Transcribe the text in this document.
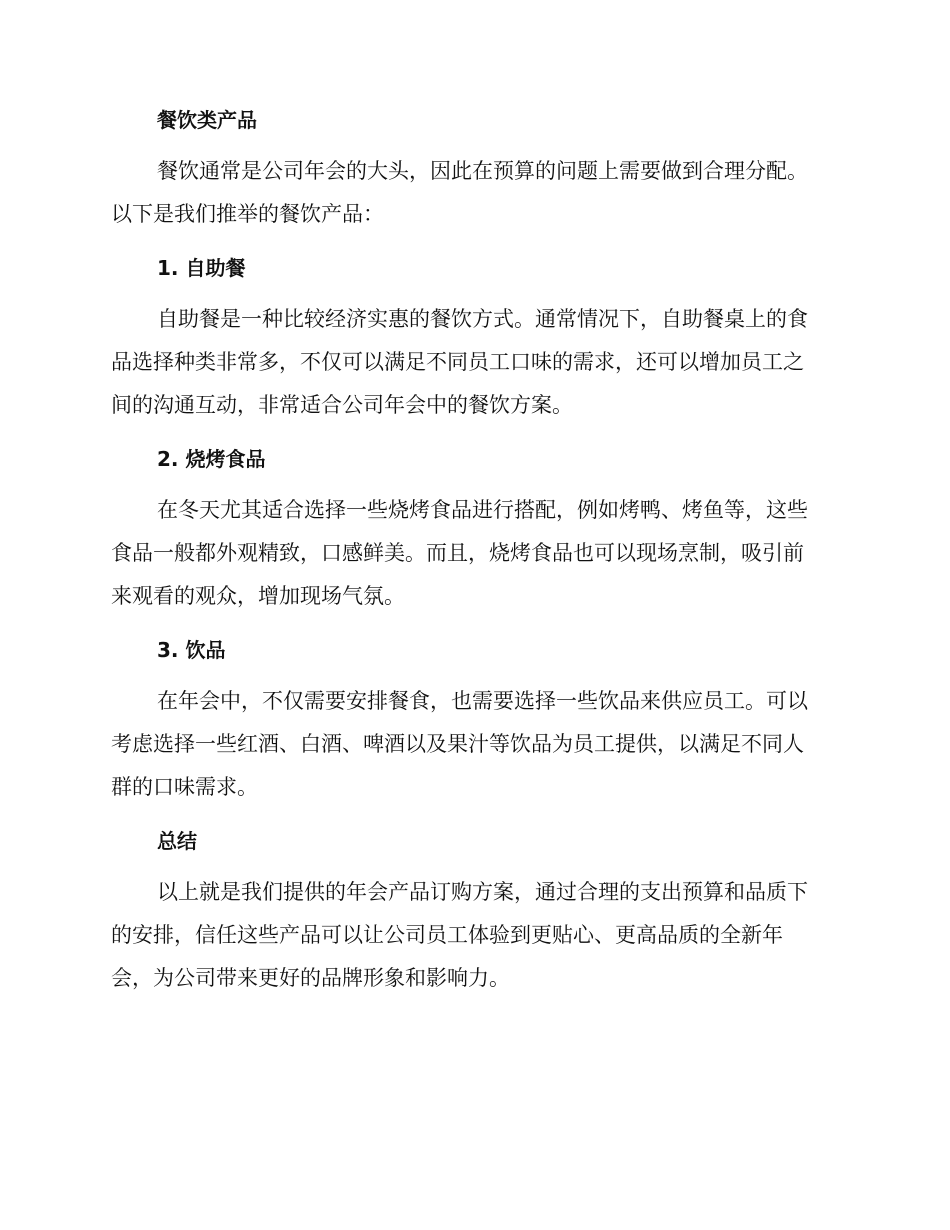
餐饮类产品

餐饮通常是公司年会的大头，因此在预算的问题上需要做到合理分配。
以下是我们推举的餐饮产品：

1. 自助餐

自助餐是一种比较经济实惠的餐饮方式。通常情况下，自助餐桌上的食
品选择种类非常多，不仅可以满足不同员工口味的需求，还可以增加员工之
间的沟通互动，非常适合公司年会中的餐饮方案。

2. 烧烤食品

在冬天尤其适合选择一些烧烤食品进行搭配，例如烤鸭、烤鱼等，这些
食品一般都外观精致，口感鲜美。而且，烧烤食品也可以现场烹制，吸引前
来观看的观众，增加现场气氛。

3. 饮品

在年会中，不仅需要安排餐食，也需要选择一些饮品来供应员工。可以
考虑选择一些红酒、白酒、啤酒以及果汁等饮品为员工提供，以满足不同人
群的口味需求。

总结

以上就是我们提供的年会产品订购方案，通过合理的支出预算和品质下
的安排，信任这些产品可以让公司员工体验到更贴心、更高品质的全新年
会，为公司带来更好的品牌形象和影响力。
